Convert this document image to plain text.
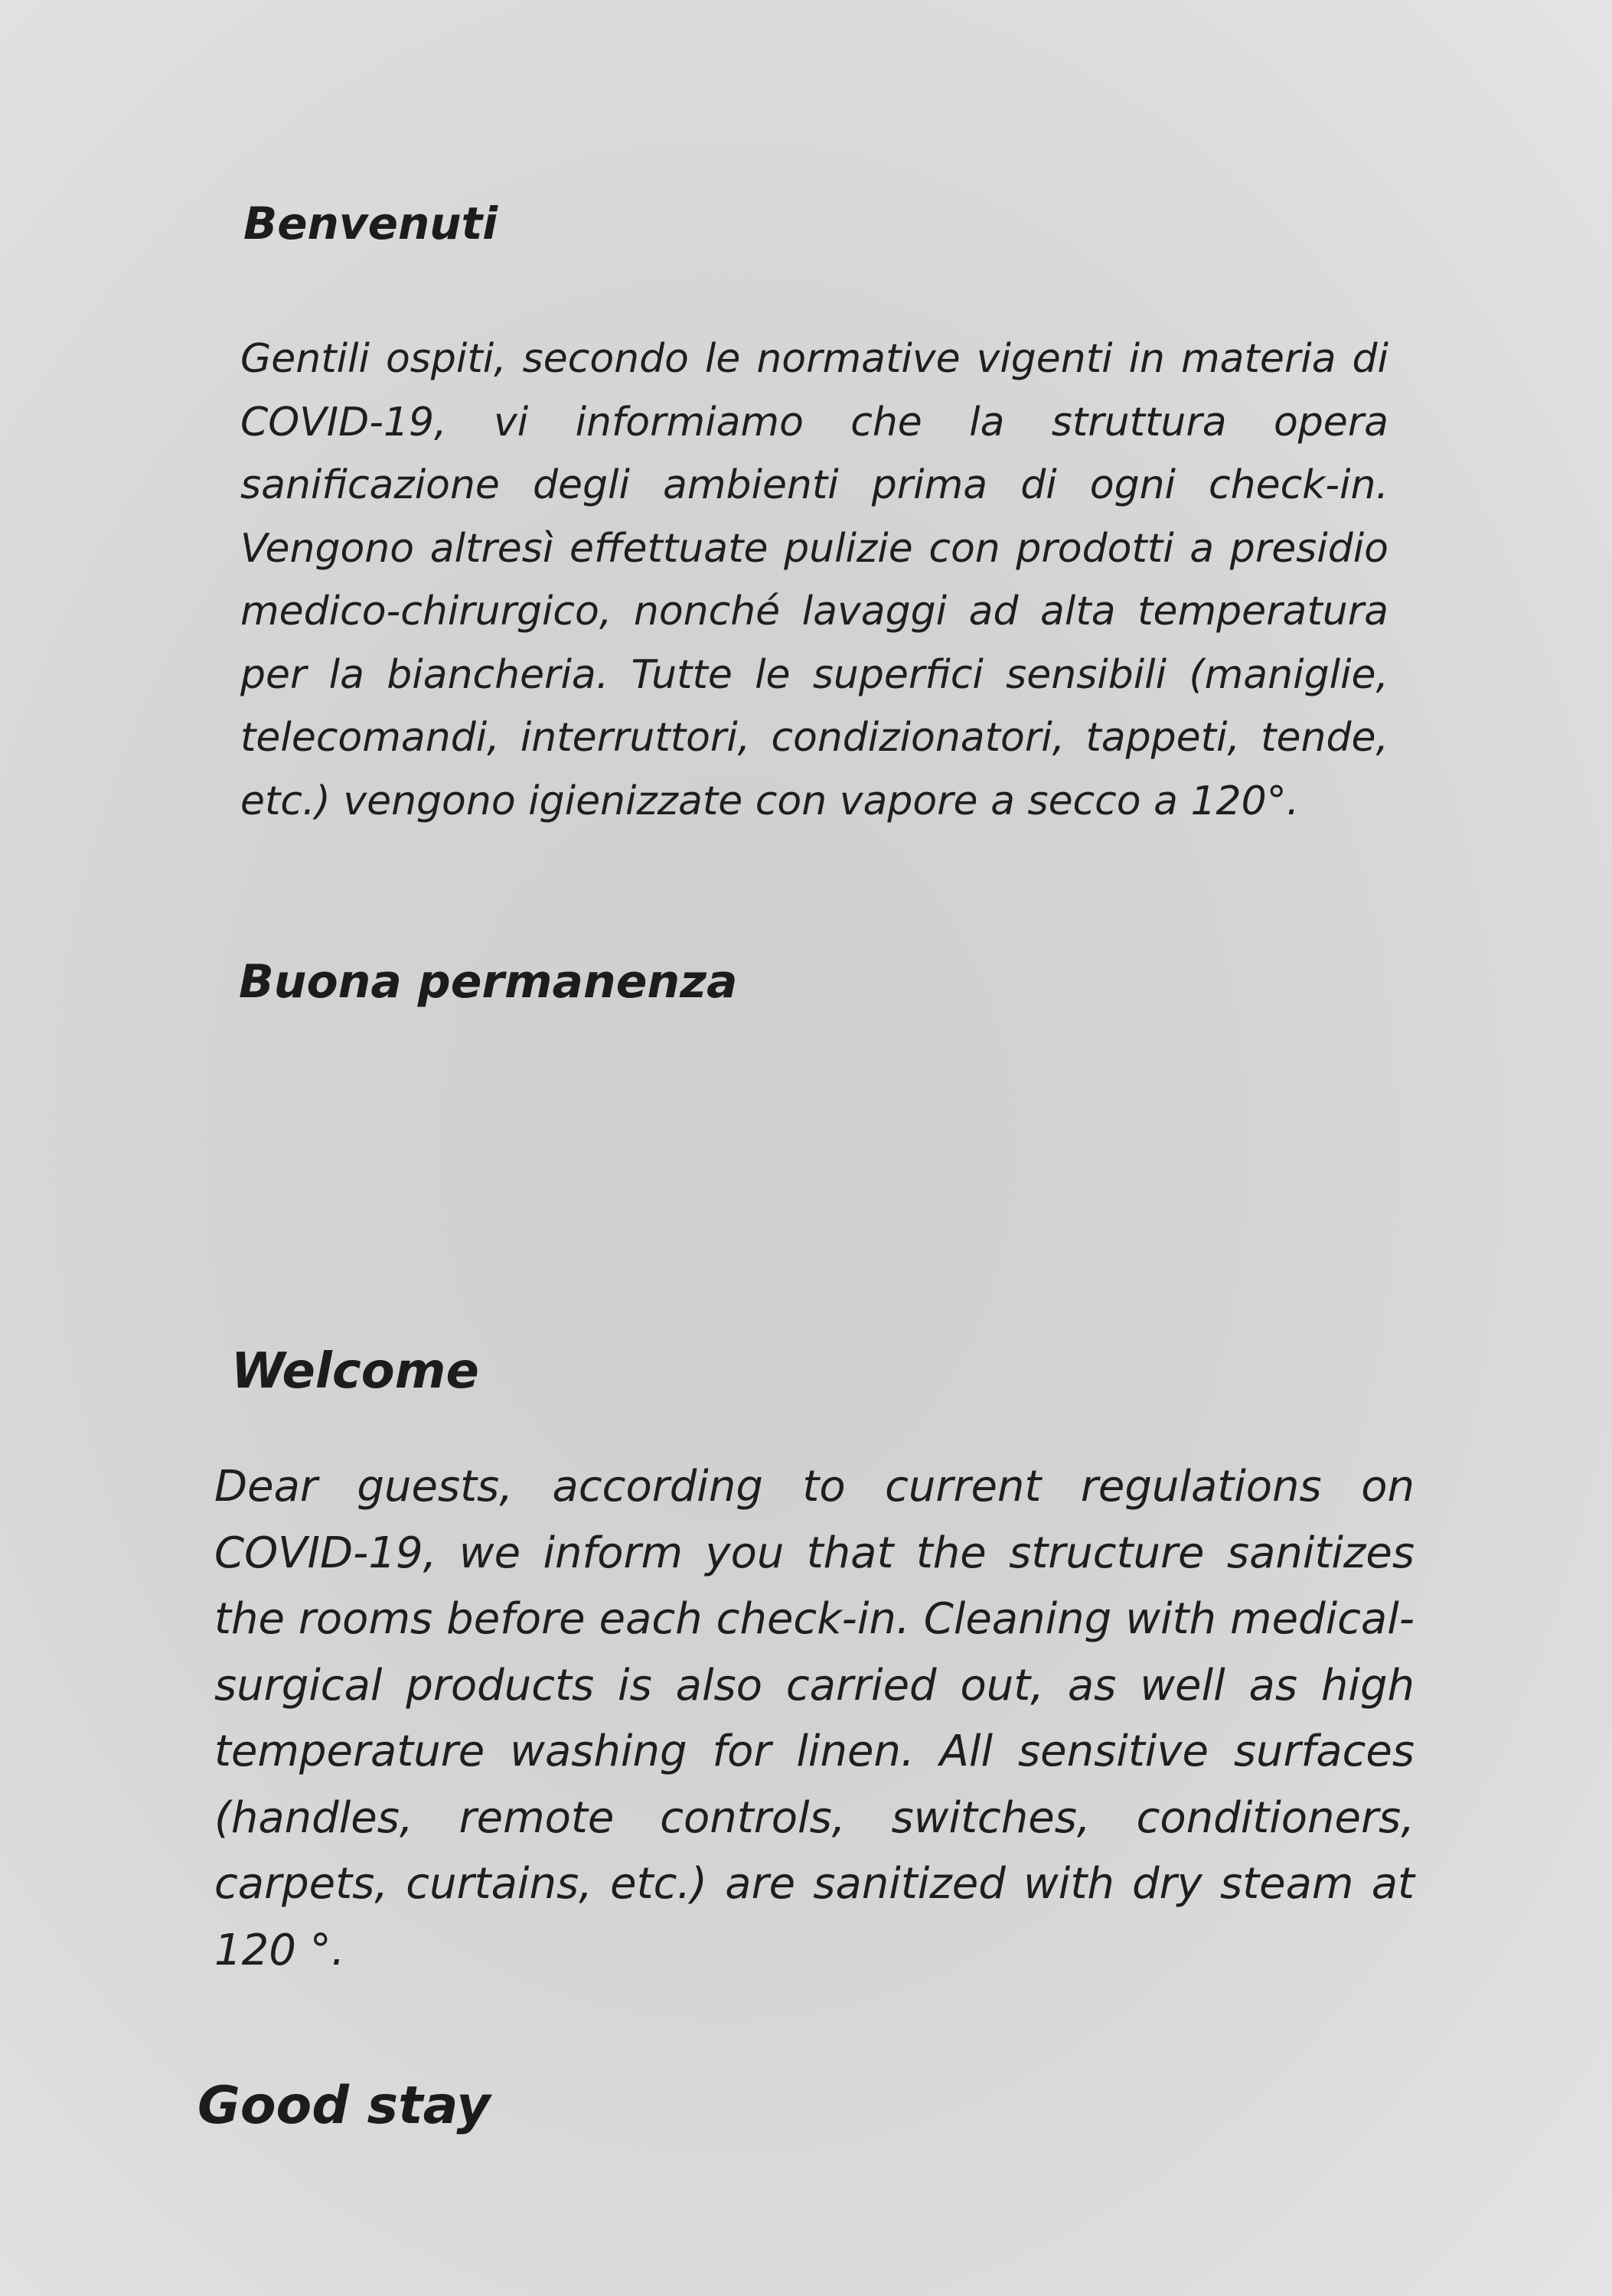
Benvenuti

Gentili ospiti, secondo le normative vigenti in materia di COVID-19, vi informiamo che la struttura opera sanificazione degli ambienti prima di ogni check-in. Vengono altresì effettuate pulizie con prodotti a presidio medico-chirurgico, nonché lavaggi ad alta temperatura per la biancheria. Tutte le superfici sensibili (maniglie, telecomandi, interruttori, condizionatori, tappeti, tende, etc.) vengono igienizzate con vapore a secco a 120°.

Buona permanenza
Welcome

Dear guests, according to current regulations on COVID-19, we inform you that the structure sanitizes the rooms before each check-in. Cleaning with medical-surgical products is also carried out, as well as high temperature washing for linen. All sensitive surfaces (handles, remote controls, switches, conditioners, carpets, curtains, etc.) are sanitized with dry steam at 120 °.

Good stay
